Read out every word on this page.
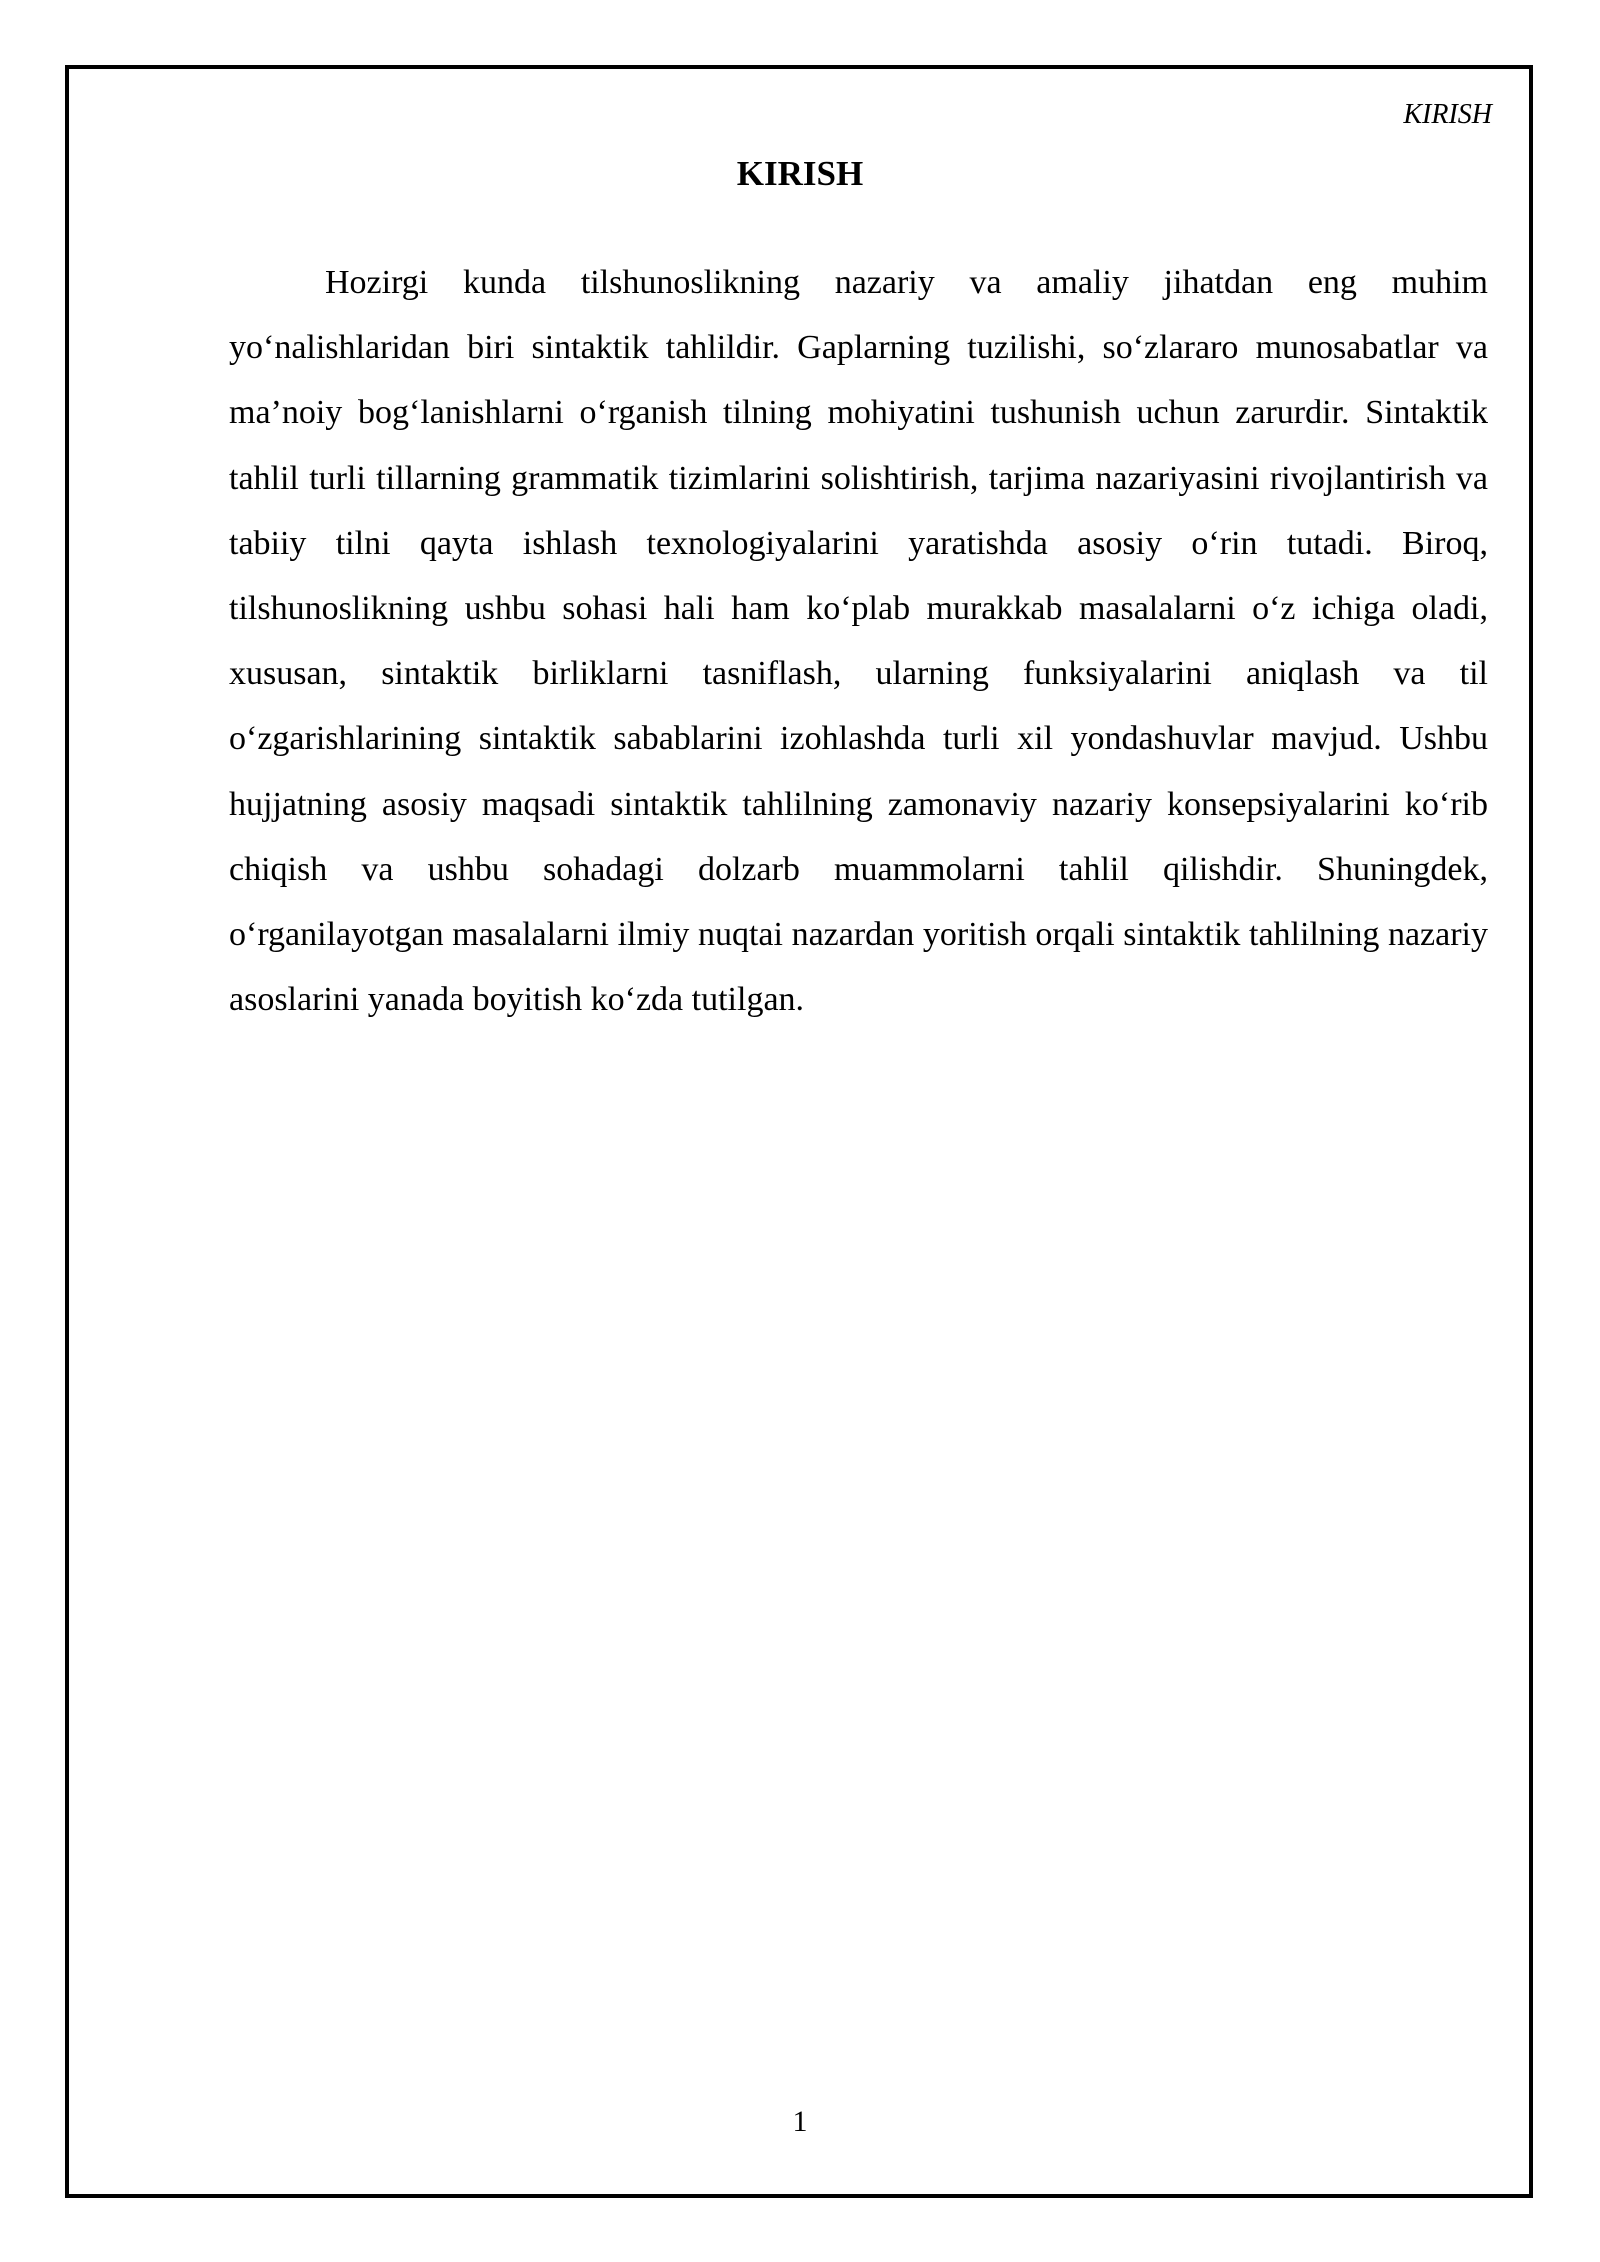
KIRISH
KIRISH

Hozirgi kunda tilshunoslikning nazariy va amaliy jihatdan eng muhim yo‘nalishlaridan biri sintaktik tahlildir. Gaplarning tuzilishi, so‘zlararo munosabatlar va ma’noiy bog‘lanishlarni o‘rganish tilning mohiyatini tushunish uchun zarurdir. Sintaktik tahlil turli tillarning grammatik tizimlarini solishtirish, tarjima nazariyasini rivojlantirish va tabiiy tilni qayta ishlash texnologiyalarini yaratishda asosiy o‘rin tutadi. Biroq, tilshunoslikning ushbu sohasi hali ham ko‘plab murakkab masalalarni o‘z ichiga oladi, xususan, sintaktik birliklarni tasniflash, ularning funksiyalarini aniqlash va til o‘zgarishlarining sintaktik sabablarini izohlashda turli xil yondashuvlar mavjud. Ushbu hujjatning asosiy maqsadi sintaktik tahlilning zamonaviy nazariy konsepsiyalarini ko‘rib chiqish va ushbu sohadagi dolzarb muammolarni tahlil qilishdir. Shuningdek, o‘rganilayotgan masalalarni ilmiy nuqtai nazardan yoritish orqali sintaktik tahlilning nazariy asoslarini yanada boyitish ko‘zda tutilgan.

1
